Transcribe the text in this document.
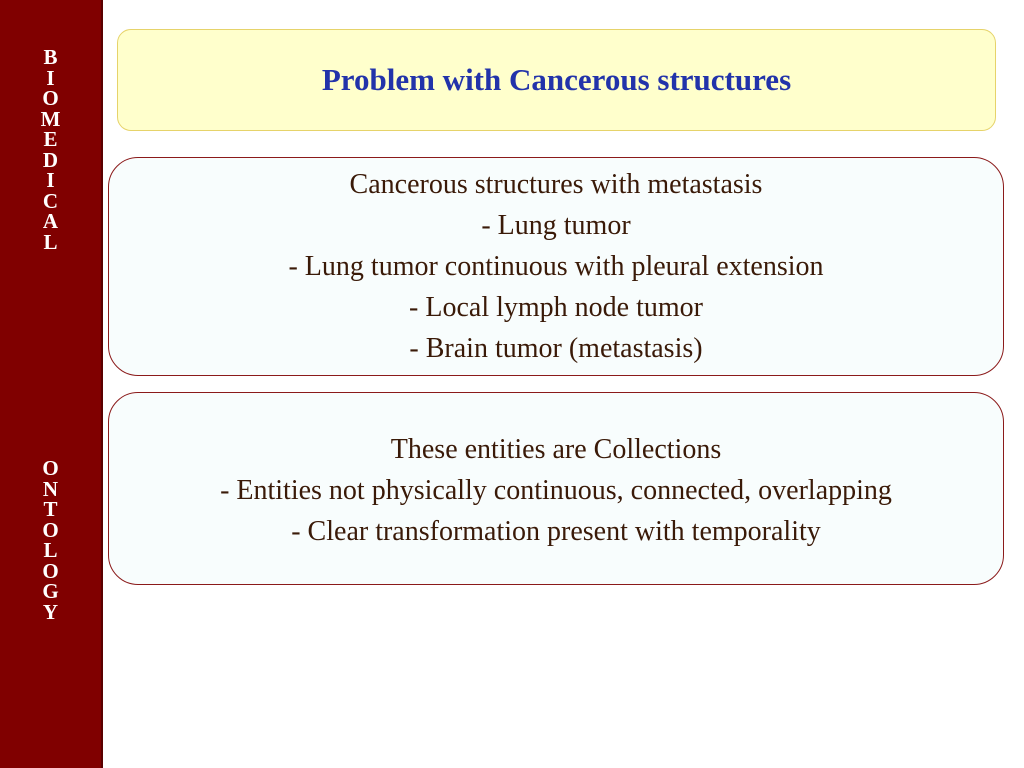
B
I
O
M
E
D
I
C
A
L
O
N
T
O
L
O
G
Y
Problem with Cancerous structures
Cancerous structures with metastasis
- Lung tumor
- Lung tumor continuous with pleural extension
- Local lymph node tumor
- Brain tumor (metastasis)
These entities are Collections
- Entities not physically continuous, connected, overlapping
- Clear transformation present with temporality
